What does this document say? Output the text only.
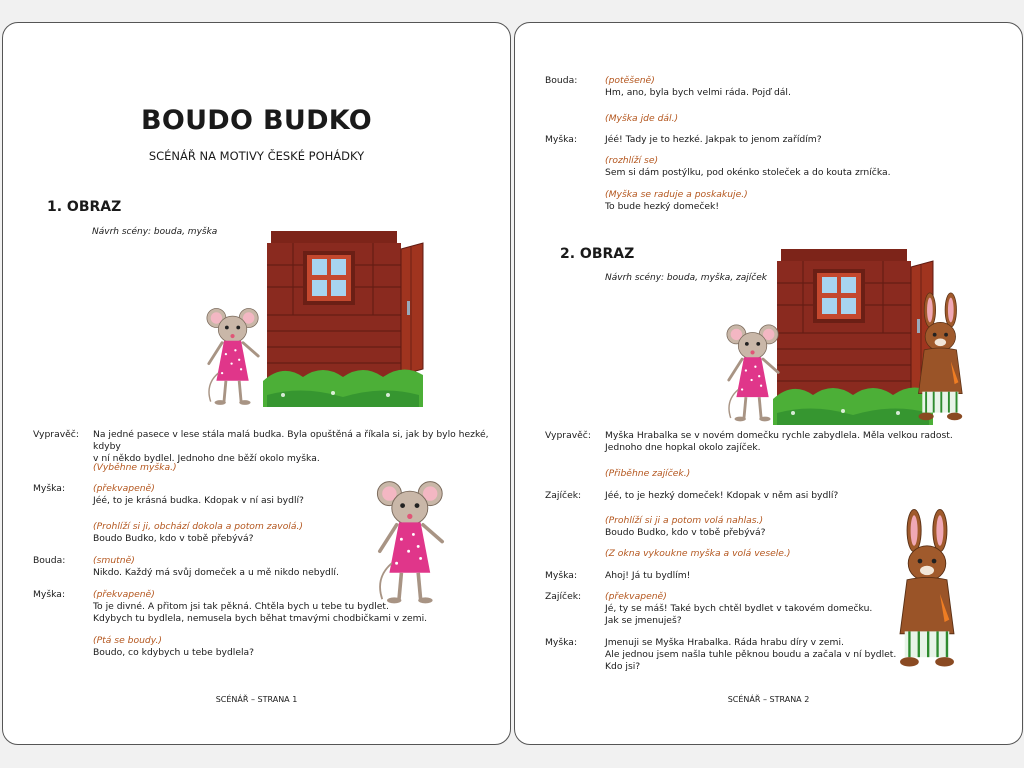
BOUDO BUDKO
SCÉNÁŘ NA MOTIVY ČESKÉ POHÁDKY
1. OBRAZ
Návrh scény: bouda, myška
Vypravěč: Na jedné pasece v lese stála malá budka. Byla opuštěná a říkala si, jak by bylo hezké, kdyby
v ní někdo bydlel. Jednoho dne běží okolo myška.
(Vyběhne myška.)
Myška:	(překvapeně)
Jéé, to je krásná budka. Kdopak v ní asi bydlí?
(Prohlíží si ji, obchází dokola a potom zavolá.)
Boudo Budko, kdo v tobě přebývá?
Bouda:	(smutně)
Nikdo. Každý má svůj domeček a u mě nikdo nebydlí.
Myška:	(překvapeně)
To je divné. A přitom jsi tak pěkná. Chtěla bych u tebe tu bydlet.
Kdybych tu bydlela, nemusela bych běhat tmavými chodbičkami v zemi.
(Ptá se boudy.)
Boudo, co kdybych u tebe bydlela?
SCÉNÁŘ – STRANA 1
Bouda:	(potěšeně)
Hm, ano, byla bych velmi ráda. Pojď dál.
(Myška jde dál.)
Myška:	Jéé! Tady je to hezké. Jakpak to jenom zařídím?
(rozhlíží se)
Sem si dám postýlku, pod okénko stoleček a do kouta zrníčka.
(Myška se raduje a poskakuje.)
To bude hezký domeček!
2. OBRAZ
Návrh scény: bouda, myška, zajíček
Vypravěč: Myška Hrabalka se v novém domečku rychle zabydlela. Měla velkou radost.
Jednoho dne hopkal okolo zajíček.
(Přiběhne zajíček.)
Zajíček:	Jéé, to je hezký domeček! Kdopak v něm asi bydlí?
(Prohlíží si ji a potom volá nahlas.)
Boudo Budko, kdo v tobě přebývá?
(Z okna vykoukne myška a volá vesele.)
Myška:	Ahoj! Já tu bydlím!
Zajíček:	(překvapeně)
Jé, ty se máš! Také bych chtěl bydlet v takovém domečku.
Jak se jmenuješ?
Myška:	Jmenuji se Myška Hrabalka. Ráda hrabu díry v zemi.
Ale jednou jsem našla tuhle pěknou boudu a začala v ní bydlet.
Kdo jsi?
SCÉNÁŘ – STRANA 2
